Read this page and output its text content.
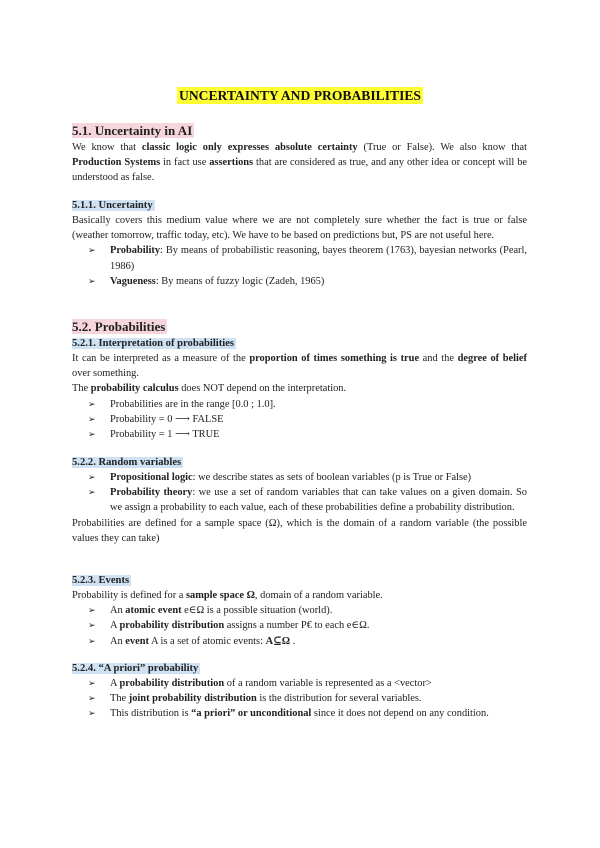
UNCERTAINTY AND PROBABILITIES
5.1. Uncertainty in AI

We know that classic logic only expresses absolute certainty (True or False). We also know that Production Systems in fact use assertions that are considered as true, and any other idea or concept will be understood as false.

5.1.1. Uncertainty

Basically covers this medium value where we are not completely sure whether the fact is true or false (weather tomorrow, traffic today, etc). We have to be based on predictions but, PS are not useful here.

➢ Probability: By means of probabilistic reasoning, bayes theorem (1763), bayesian networks (Pearl, 1986)
➢ Vagueness: By means of fuzzy logic (Zadeh, 1965)
5.2. Probabilities
5.2.1. Interpretation of probabilities

It can be interpreted as a measure of the proportion of times something is true and the degree of belief over something.

The probability calculus does NOT depend on the interpretation.

➢ Probabilities are in the range [0.0 ; 1.0].
➢ Probability = 0 ⟶ FALSE
➢ Probability = 1 ⟶ TRUE
5.2.2. Random variables
➢ Propositional logic: we describe states as sets of boolean variables (p is True or False)
➢ Probability theory: we use a set of random variables that can take values on a given domain. So we assign a probability to each value, each of these probabilities define a probability distribution.

Probabilities are defined for a sample space (Ω), which is the domain of a random variable (the possible values they can take)

5.2.3. Events

Probability is defined for a sample space Ω, domain of a random variable.

➢ An atomic event e∈Ω is a possible situation (world).
➢ A probability distribution assigns a number P€ to each e∈Ω.
➢ An event A is a set of atomic events: A⊆Ω .
5.2.4. “A priori” probability
➢ A probability distribution of a random variable is represented as a <vector>
➢ The joint probability distribution is the distribution for several variables.
➢ This distribution is “a priori” or unconditional since it does not depend on any condition.
